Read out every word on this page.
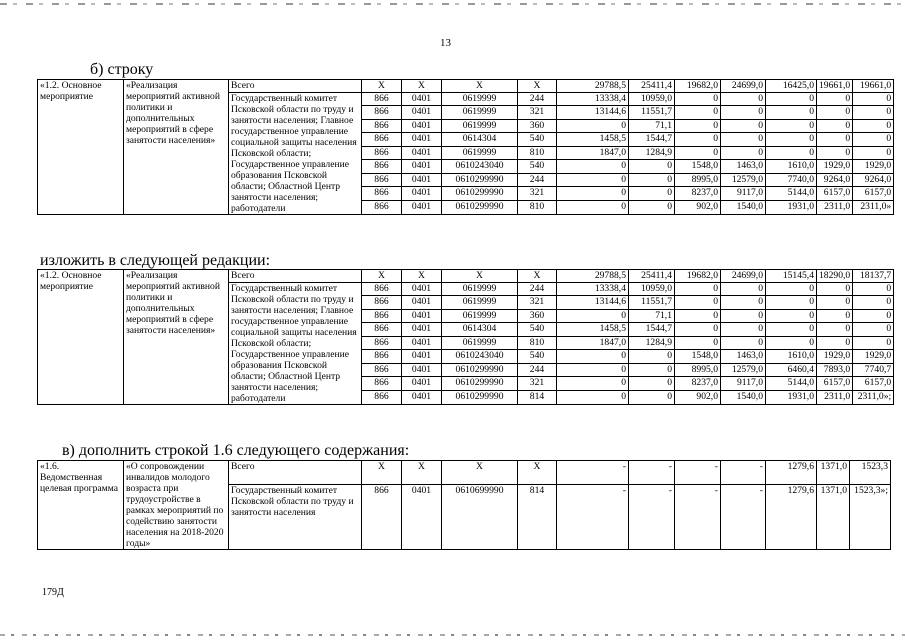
13
б) строку
«1.2. Основное мероприятие	«Реализация мероприятий активной политики и дополнительных мероприятий в сфере занятости населения»	Всего	X	X	X	X	29788,5	25411,4	19682,0	24699,0	16425,0	19661,0	19661,0
		Государственный комитет Псковской области по труду и занятости населения; Главное государственное управление социальной защиты населения Псковской области; Государственное управление образования Псковской области; Областной Центр занятости населения; работодатели	866	0401	0619999	244	13338,4	10959,0	0	0	0	0	0
			866	0401	0619999	321	13144,6	11551,7	0	0	0	0	0
			866	0401	0619999	360	0	71,1	0	0	0	0	0
			866	0401	0614304	540	1458,5	1544,7	0	0	0	0	0
			866	0401	0619999	810	1847,0	1284,9	0	0	0	0	0
			866	0401	0610243040	540	0	0	1548,0	1463,0	1610,0	1929,0	1929,0
			866	0401	0610299990	244	0	0	8995,0	12579,0	7740,0	9264,0	9264,0
			866	0401	0610299990	321	0	0	8237,0	9117,0	5144,0	6157,0	6157,0
			866	0401	0610299990	810	0	0	902,0	1540,0	1931,0	2311,0	2311,0»
изложить в следующей редакции:
«1.2. Основное мероприятие	«Реализация мероприятий активной политики и дополнительных мероприятий в сфере занятости населения»	Всего	X	X	X	X	29788,5	25411,4	19682,0	24699,0	15145,4	18290,0	18137,7
		Государственный комитет Псковской области по труду и занятости населения; Главное государственное управление социальной защиты населения Псковской области; Государственное управление образования Псковской области; Областной Центр занятости населения; работодатели	866	0401	0619999	244	13338,4	10959,0	0	0	0	0	0
			866	0401	0619999	321	13144,6	11551,7	0	0	0	0	0
			866	0401	0619999	360	0	71,1	0	0	0	0	0
			866	0401	0614304	540	1458,5	1544,7	0	0	0	0	0
			866	0401	0619999	810	1847,0	1284,9	0	0	0	0	0
			866	0401	0610243040	540	0	0	1548,0	1463,0	1610,0	1929,0	1929,0
			866	0401	0610299990	244	0	0	8995,0	12579,0	6460,4	7893,0	7740,7
			866	0401	0610299990	321	0	0	8237,0	9117,0	5144,0	6157,0	6157,0
			866	0401	0610299990	814	0	0	902,0	1540,0	1931,0	2311,0	2311,0»;
в) дополнить строкой 1.6 следующего содержания:
«1.6. Ведомственная целевая программа	«О сопровождении инвалидов молодого возраста при трудоустройстве в рамках мероприятий по содействию занятости населения на 2018-2020 годы»	Всего	X	X	X	X	-	-	-	-	1279,6	1371,0	1523,3
		Государственный комитет Псковской области по труду и занятости населения	866	0401	0610699990	814	-	-	-	-	1279,6	1371,0	1523,3»;
179Д
